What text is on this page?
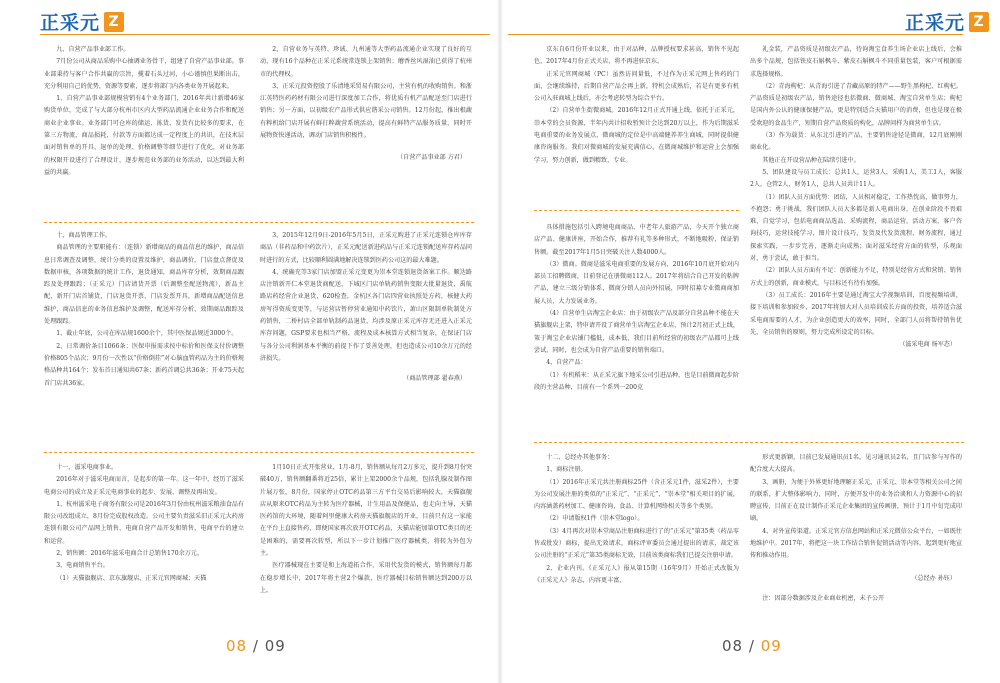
正采元 Z	正采元 Z

九、自营产品事业部工作。

7月份公司从商品采购中心抽调业务骨干，组建了自营产品事业部。事业部秉持与客户合作共赢的宗旨，揽着石头过河，小心谨慎但果断出击，充分利用自己的优势，资源等要素，逐步将部门内各类业务开展起来。

1、自营产品事业部规模营销有4个业务部门，2016年共计新增46家购货单位，完成了与大部分杭州市区内大型药品流通企业业务合作和配送商业企业事业。业务部门可仓库的储运、拣货、发货有比较多的要求，在第三方物流、商品损耗、付款等方面都达成一定程度上的共识，在技术层面对销售单的开具、退单的处理、价格调整等细节进行了优化，对业务部的权限开设进行了合理设计，逐步规范业务部的业务活动，以达到最大利益的共赢。

2、自营业务与英特、珍诚、九州通等大型药品流通企业实现了良好的互动，现有16个品种在正采元系统常连锁上架销售；蘑香丝风湿油已获得了杭州市的代理权。

3、正采元投资控股了乐清地采贸易有限公司，主营有机的收购销售。和浙江英特医药药材有限公司进行深度加工合作，将优质有机产品配送至门店进行销售；另一方面，以初级农产品形式供应谐采公司销售。12月份起，推出根蔬有粹机给门店开展有鲜打粹蔬营系统活动，提高有鲜特产品服务质量，同时开展物资快递活动，调动门店销售积极性。

（自营产品事业部 方君）

十、商品管理工作。

商品管理的主要职能有：（连锁）新增商品的商品信息的维护，商品信息日常调查及调整，统计分类的设置及维护，商品调价，门店盘点督促及数据审核，各项数据的统计工作，退货通知，商品库存分析，效期商品跟踪及处理跟踪；（正采元）门店请货开票（后调整至配送物流），新品主配，新开门店首铺货，门店退货开票，门店发票开具，新增商品配送信息维护，商品信息的业务信息维护及调整，配送库存分析，效期商品跟踪及处理跟踪。

1、截止年底，公司在库品规1600余个，其中医保品规近3000个。

2、日常调价条目1066条；医保申报需求按中标价和医保支付价调整价格805个品次；9月份一次性以“价格倒挂”对心脑血管药品为主的价格规格品种共164个；发布首日通知共67条；新药首调总共36条；开业75天起首门店共36家。

3、2015年12月9日-2016年5月5日，正采元购进了正采元连锁仓库库存商品（非药品和中药饮片），正采元配送新进药品与正采元连锁配送库存药品同时进行的方式，比较顺利圆满地解决连锁到医药公司这的最大难题。

4、统确充等3家门店加盟正采元变更为崇本堂连锁退货备案工作。顺达路店注销新开仁本堂退货商配送，下城区门店单轨药销售变限大批量退货，禹航路店药经营企业退货，620检查，金杭区各门店四营业执照处方药，核健大药房写得资质变更等，与运营店暂停营业通知中药饮片，萧山区限制单轨制处方药销售，二桥村店全部单轨制药品退货，均涉及原正采元库存无还进入正采元库存问题，GSP要求也相当严格，流程及成本核算方式相当复杂，在保证门店与各分公司利润基本平衡的前提下作了妥善处理，但也造成公司10余万元的经济损失。

（商品管理部 翟春燕）

十一、滋采电商事业。

2016年对于滋采电商而言，是起步的第一年。这一年中，经历了滋采电商公司的成立及正采元电商事业的起步、发展、调整及再出发。

1、杭州滋采电子商务有限公司是2016年3月份由杭州滋采粮油食品有限公司改组成立，8月份完成股权改造。公司主要负责滋采旧正采元大药房连锁有限公司产品网上销售、电商自营产品开发和销售，电商平台的建立和运营。

2、销售额：2016年滋采电商合计总销售170余万元。

3、电商销售平台。

（1）天猫旗舰店、京东旗舰店、正采元官网商城；天猫

1月10日正式开张营业，1月-8月，销售额从每月2万多元，提升到8月份突破40万，销售额翻番将近25倍，累计上架2000余个品规，包括乳腺及制作图片展万张，8月份，国家停止OTC药品第三方平台交易后影响较大，天猫旗舰店从原来OTC药品为主转为医疗器械，计生用品及保健品，也走向主导，天猫医药馆的大环境，随着阿里健康大药房天猫旗舰店的开业，目前只有这一家能在平台上直接售药，即便国家再次放开OTC药品，天猫店能加第OTC类目的还是困难的，需要再次转型，所以下一步计划推广医疗器械类，将转为外包为主。

医疗器械现在主要是和上海道拓合作，采用代发货的模式，销售额每月都在稳步增长中，2017年将主营2个爆款，医疗器械目标销售额达到200万以上。

08 / 09

京东自6月份开业以来，由于对品种，品牌授权要求甚高，销售不见起色，2017年4月份正式关店，将不再进驻京东。

正采元官网商城（PC）虽然访问量低，不过作为正采元网上售药的门面，会继续维持，后期自营产品会再上新，特机会成熟后，若是有更多有机公司入驻商城上线后，亦会考虑转型为综合平台。

（2）自营单生街微商城。2016年12月正式开通上线，依托于正采元，崇本堂的会员资源，半年内共计招收暂预计会达到20万以上，作为后期滋采电商重要的业务发展点，微商城的定位是中高端健养养生商城，同时提供健康咨询服务。我们对微商城的发展充满信心，在微商城维护和运营上会加强学习，努力创新，做到精致，专业。

具体措施包括引入跨境电商商品、中老年人旅游产品，今天开个独立商店产品、健康讲座，开始合作，推荐有礼等多种形式，不断地吸粉，保证销售额。截至2017年1月5日突破关注人数4000人。

（3）微商。微商是滋采电商重要的发展方向，2016年10月底开始对内部员工招聘微商，目前登记在册微商112人。2017年将结合自己开发的粘牌产品，建立三级分销体系，微商分销人员向外招展，同时招募专业微商商加展人员，大力发展业务。

（4）自营单生店淘宝企业店：由于初级农产品及部分自营品种不能在天猫旗舰店上架，特申请开设了商营单生店淘宝企业店，预计2月初正式上线，策于淘宝企业店铺门槛低，成本低，我们目前所经营的初级农产品都可上线尝试，同时，也会成为自营产品重要的销售端口。

4、自营产品：

（1）有机稻米：从正采元旗下地采公司引进品种，也是目前微商起步阶段的主营品种，目前有一个系列一200克

礼金装，产品资质是初级农产品，待询淘宝食养生场企业店上线后，会推出多个品规，包括铁皮石斛枫斗、紫皮石斛枫斗不同重量包装，客户可根据需求选择规格。

（2）青海枸杞：从青海引进了青藏高原的特产——野生黑枸杞、红枸杞。产品资质是初级农产品，销售途径也括微商、微商城、淘宝自营单生店；枸杞是国内外公认的健康保健产品，更是特别适合天猫用户的消费，但也是现在极受欢迎的食品生产，短期自营产品资质的构化，品牌问样为商营单生店。

（3）作为载货：从东北引进的产品，主要销售途径是微商，12月底刚刚商业化。

其他正在开设营品种在陆续引进中。

5、团队建设与员工成长：总共1人，运营3人，采购1人，美工1人，客服2人，仓管2人，财务1人，总共人员共计11人。

（1）团队人员方面优势：团结，人员相对稳定，工作热忱高，做事努力，不抱怨；勇于挑战，我们团队人员大多都是新人电商出身，在创业阶段不畏艰难，自觉学习，包括电商商品选品、采购流程，商品运营，活动方案，客户咨询技巧，运营技能学习，图片设计技巧，发货及代发货流程，财务流程，通过探索实践，一步步完善，逐渐走向成熟；面对滋采经营方面的转型，乐观面对，勇于尝试，敢于担当。

（2）团队人员方面有不足：创新能力不足，特别是经营方式和营销、销售方式上的创新，商业模式，与目标还有待有加强。

（3）员工成长：2016年主要是通过淘宝大学视频培训，百度视频培训，接下培训和参加较乡，2017年将加大对人员培训成长方面的投资，培养适合滋采电商需要的人才，为企业创造更大的效率，同时，全部门人员将帮持销售优先，全员销售的原则，努力完成所设定的目标。

（滋采电商 扬军态）

十二、总经办其他事务：

1、商标注册。

（1）2016年正采元共注册商标25件（含正采元1件，滋采2件），主要为公司发展注册的类似的“正采元”、“正采元”、“崇本堂”相关项目的扩展，内容涵盖药材加工、健康咨询、食品、计算机网络相关等多个类别。

（2）申请版权1件（崇本堂logo）。

（3）4月再次对崇本堂商品注册商标进行了的“正采元”第35类（药品零售或批发）商标，提出无效请求，商标评审委员会通过提出的请求，裁定该公司注册的“正采元”第35类商标无效，目前该类商标我们已提交注册申请。

2、企业内刊。《正采元人》报从第15期（16年9月）开始正式改版为《正采元人》杂志，内容更丰富，

形式更新颖，目前已发展通讯员1名，见习通讯员2名，且门店参与写作的配合度大大提高。

3、画册，为便于外界更好地理解正采元，正采元、崇本堂等相关公司之间的联系，扩大整体影响力，同时，方便开发中的业务洽谈和人力资源中心的招聘宣传，目前正在设计制作正采元企业集团的宣传画册，预计于1月中旬完成印刷。

4、对外宣传渠道。正采元官方信息网站和正采元微信公众平台，一如既往地维护中。2017年，将把这一块工作结合销售促销活动等内容，起到更好地宣传和推动作用。

（总经办 孙钰）

注：因部分数据涉及企业商业机密，未予公开

08 / 09
